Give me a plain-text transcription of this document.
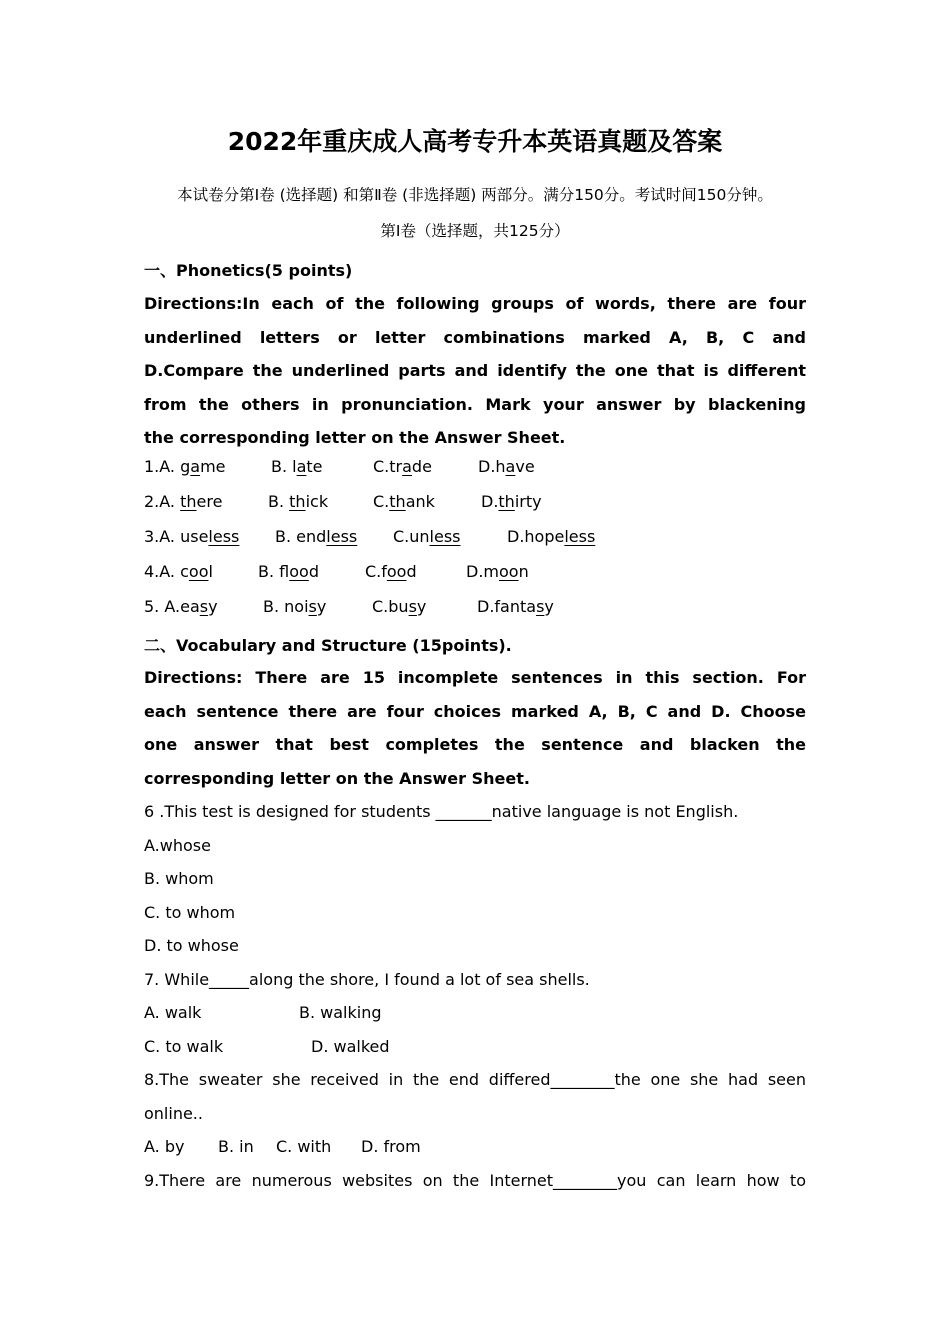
2022年重庆成人高考专升本英语真题及答案
本试卷分第Ⅰ卷 (选择题) 和第Ⅱ卷 (非选择题) 两部分。满分150分。考试时间150分钟。
第Ⅰ卷（选择题，共125分）
一、Phonetics(5 points)
Directions:In each of the following groups of words, there are four
underlined letters or letter combinations marked A, B, C and
D.Compare the underlined parts and identify the one that is different
from the others in pronunciation. Mark your answer by blackening
the corresponding letter on the Answer Sheet.
1.A. game	B. late	C.trade	D.have
2.A. there	B. thick	C.thank	D.thirty
3.A. useless B. endless C.unless	D.hopeless
4.A. cool	B. flood	C.food	D.moon
5. A.easy	B. noisy	C.busy	D.fantasy
二、Vocabulary and Structure (15points).
Directions: There are 15 incomplete sentences in this section. For
each sentence there are four choices marked A, B, C and D. Choose
one answer that best completes the sentence and blacken the
corresponding letter on the Answer Sheet.
6 .This test is designed for students _______native language is not English.
A.whose
B. whom
C. to whom
D. to whose
7. While_____along the shore, I found a lot of sea shells.
A. walk	B. walking
C. to walk	D. walked
8.The sweater she received in the end differed________the one she had seen
online..
A. by B. in C. with D. from
9.There are numerous websites on the Internet________you can learn how to
